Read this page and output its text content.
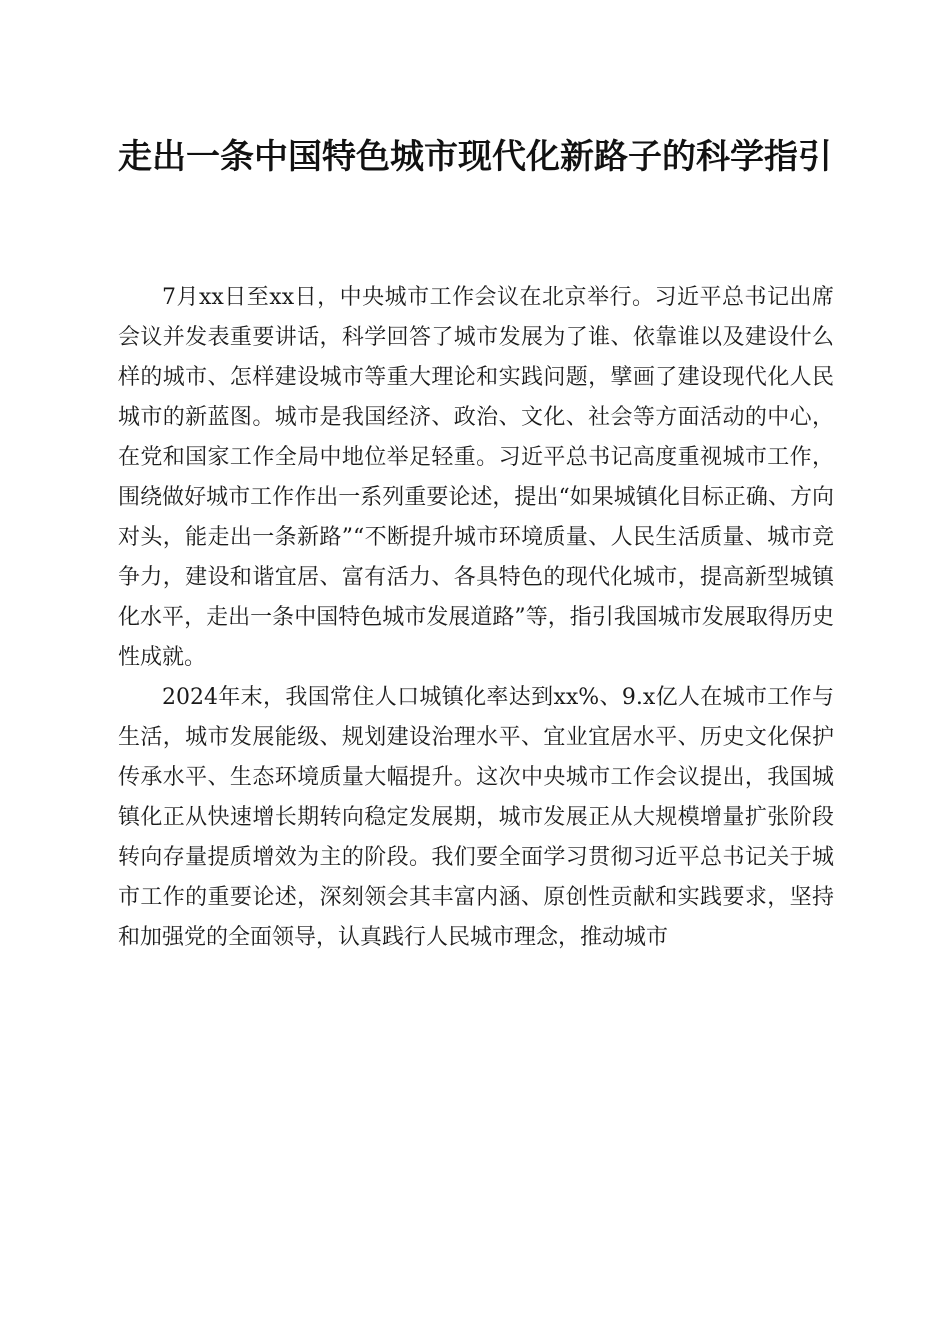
走出一条中国特色城市现代化新路子的科学指引

7月xx日至xx日，中央城市工作会议在北京举行。习近平总书记出席会议并发表重要讲话，科学回答了城市发展为了谁、依靠谁以及建设什么样的城市、怎样建设城市等重大理论和实践问题，擘画了建设现代化人民城市的新蓝图。城市是我国经济、政治、文化、社会等方面活动的中心，在党和国家工作全局中地位举足轻重。习近平总书记高度重视城市工作，围绕做好城市工作作出一系列重要论述，提出“如果城镇化目标正确、方向对头，能走出一条新路”“不断提升城市环境质量、人民生活质量、城市竞争力，建设和谐宜居、富有活力、各具特色的现代化城市，提高新型城镇化水平，走出一条中国特色城市发展道路”等，指引我国城市发展取得历史性成就。

2024年末，我国常住人口城镇化率达到xx%、9.x亿人在城市工作与生活，城市发展能级、规划建设治理水平、宜业宜居水平、历史文化保护传承水平、生态环境质量大幅提升。这次中央城市工作会议提出，我国城镇化正从快速增长期转向稳定发展期，城市发展正从大规模增量扩张阶段转向存量提质增效为主的阶段。我们要全面学习贯彻习近平总书记关于城市工作的重要论述，深刻领会其丰富内涵、原创性贡献和实践要求，坚持和加强党的全面领导，认真践行人民城市理念，推动城市
